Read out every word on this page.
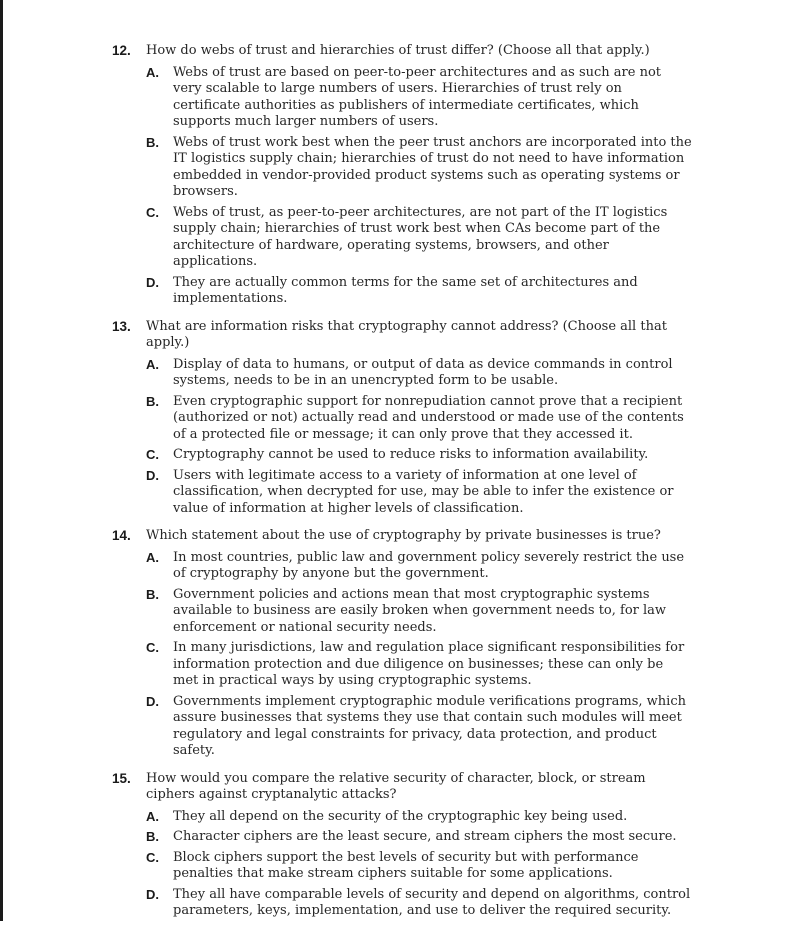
12.	How do webs of trust and hierarchies of trust differ? (Choose all that apply.)
A.	Webs of trust are based on peer-to-peer architectures and as such are not very scalable to large numbers of users. Hierarchies of trust rely on certificate authorities as publishers of intermediate certificates, which supports much larger numbers of users.
B.	Webs of trust work best when the peer trust anchors are incorporated into the IT logistics supply chain; hierarchies of trust do not need to have information embedded in vendor-provided product systems such as operating systems or browsers.
C.	Webs of trust, as peer-to-peer architectures, are not part of the IT logistics supply chain; hierarchies of trust work best when CAs become part of the architecture of hardware, operating systems, browsers, and other applications.
D.	They are actually common terms for the same set of architectures and implementations.
13.	What are information risks that cryptography cannot address? (Choose all that apply.)
A.	Display of data to humans, or output of data as device commands in control systems, needs to be in an unencrypted form to be usable.
B.	Even cryptographic support for nonrepudiation cannot prove that a recipient (authorized or not) actually read and understood or made use of the contents of a protected file or message; it can only prove that they accessed it.
C.	Cryptography cannot be used to reduce risks to information availability.
D.	Users with legitimate access to a variety of information at one level of classification, when decrypted for use, may be able to infer the existence or value of information at higher levels of classification.
14.	Which statement about the use of cryptography by private businesses is true?
A.	In most countries, public law and government policy severely restrict the use of cryptography by anyone but the government.
B.	Government policies and actions mean that most cryptographic systems available to business are easily broken when government needs to, for law enforcement or national security needs.
C.	In many jurisdictions, law and regulation place significant responsibilities for information protection and due diligence on businesses; these can only be met in practical ways by using cryptographic systems.
D.	Governments implement cryptographic module verifications programs, which assure businesses that systems they use that contain such modules will meet regulatory and legal constraints for privacy, data protection, and product safety.
15.	How would you compare the relative security of character, block, or stream ciphers against cryptanalytic attacks?
A.	They all depend on the security of the cryptographic key being used.
B.	Character ciphers are the least secure, and stream ciphers the most secure.
C.	Block ciphers support the best levels of security but with performance penalties that make stream ciphers suitable for some applications.
D.	They all have comparable levels of security and depend on algorithms, control parameters, keys, implementation, and use to deliver the required security.
